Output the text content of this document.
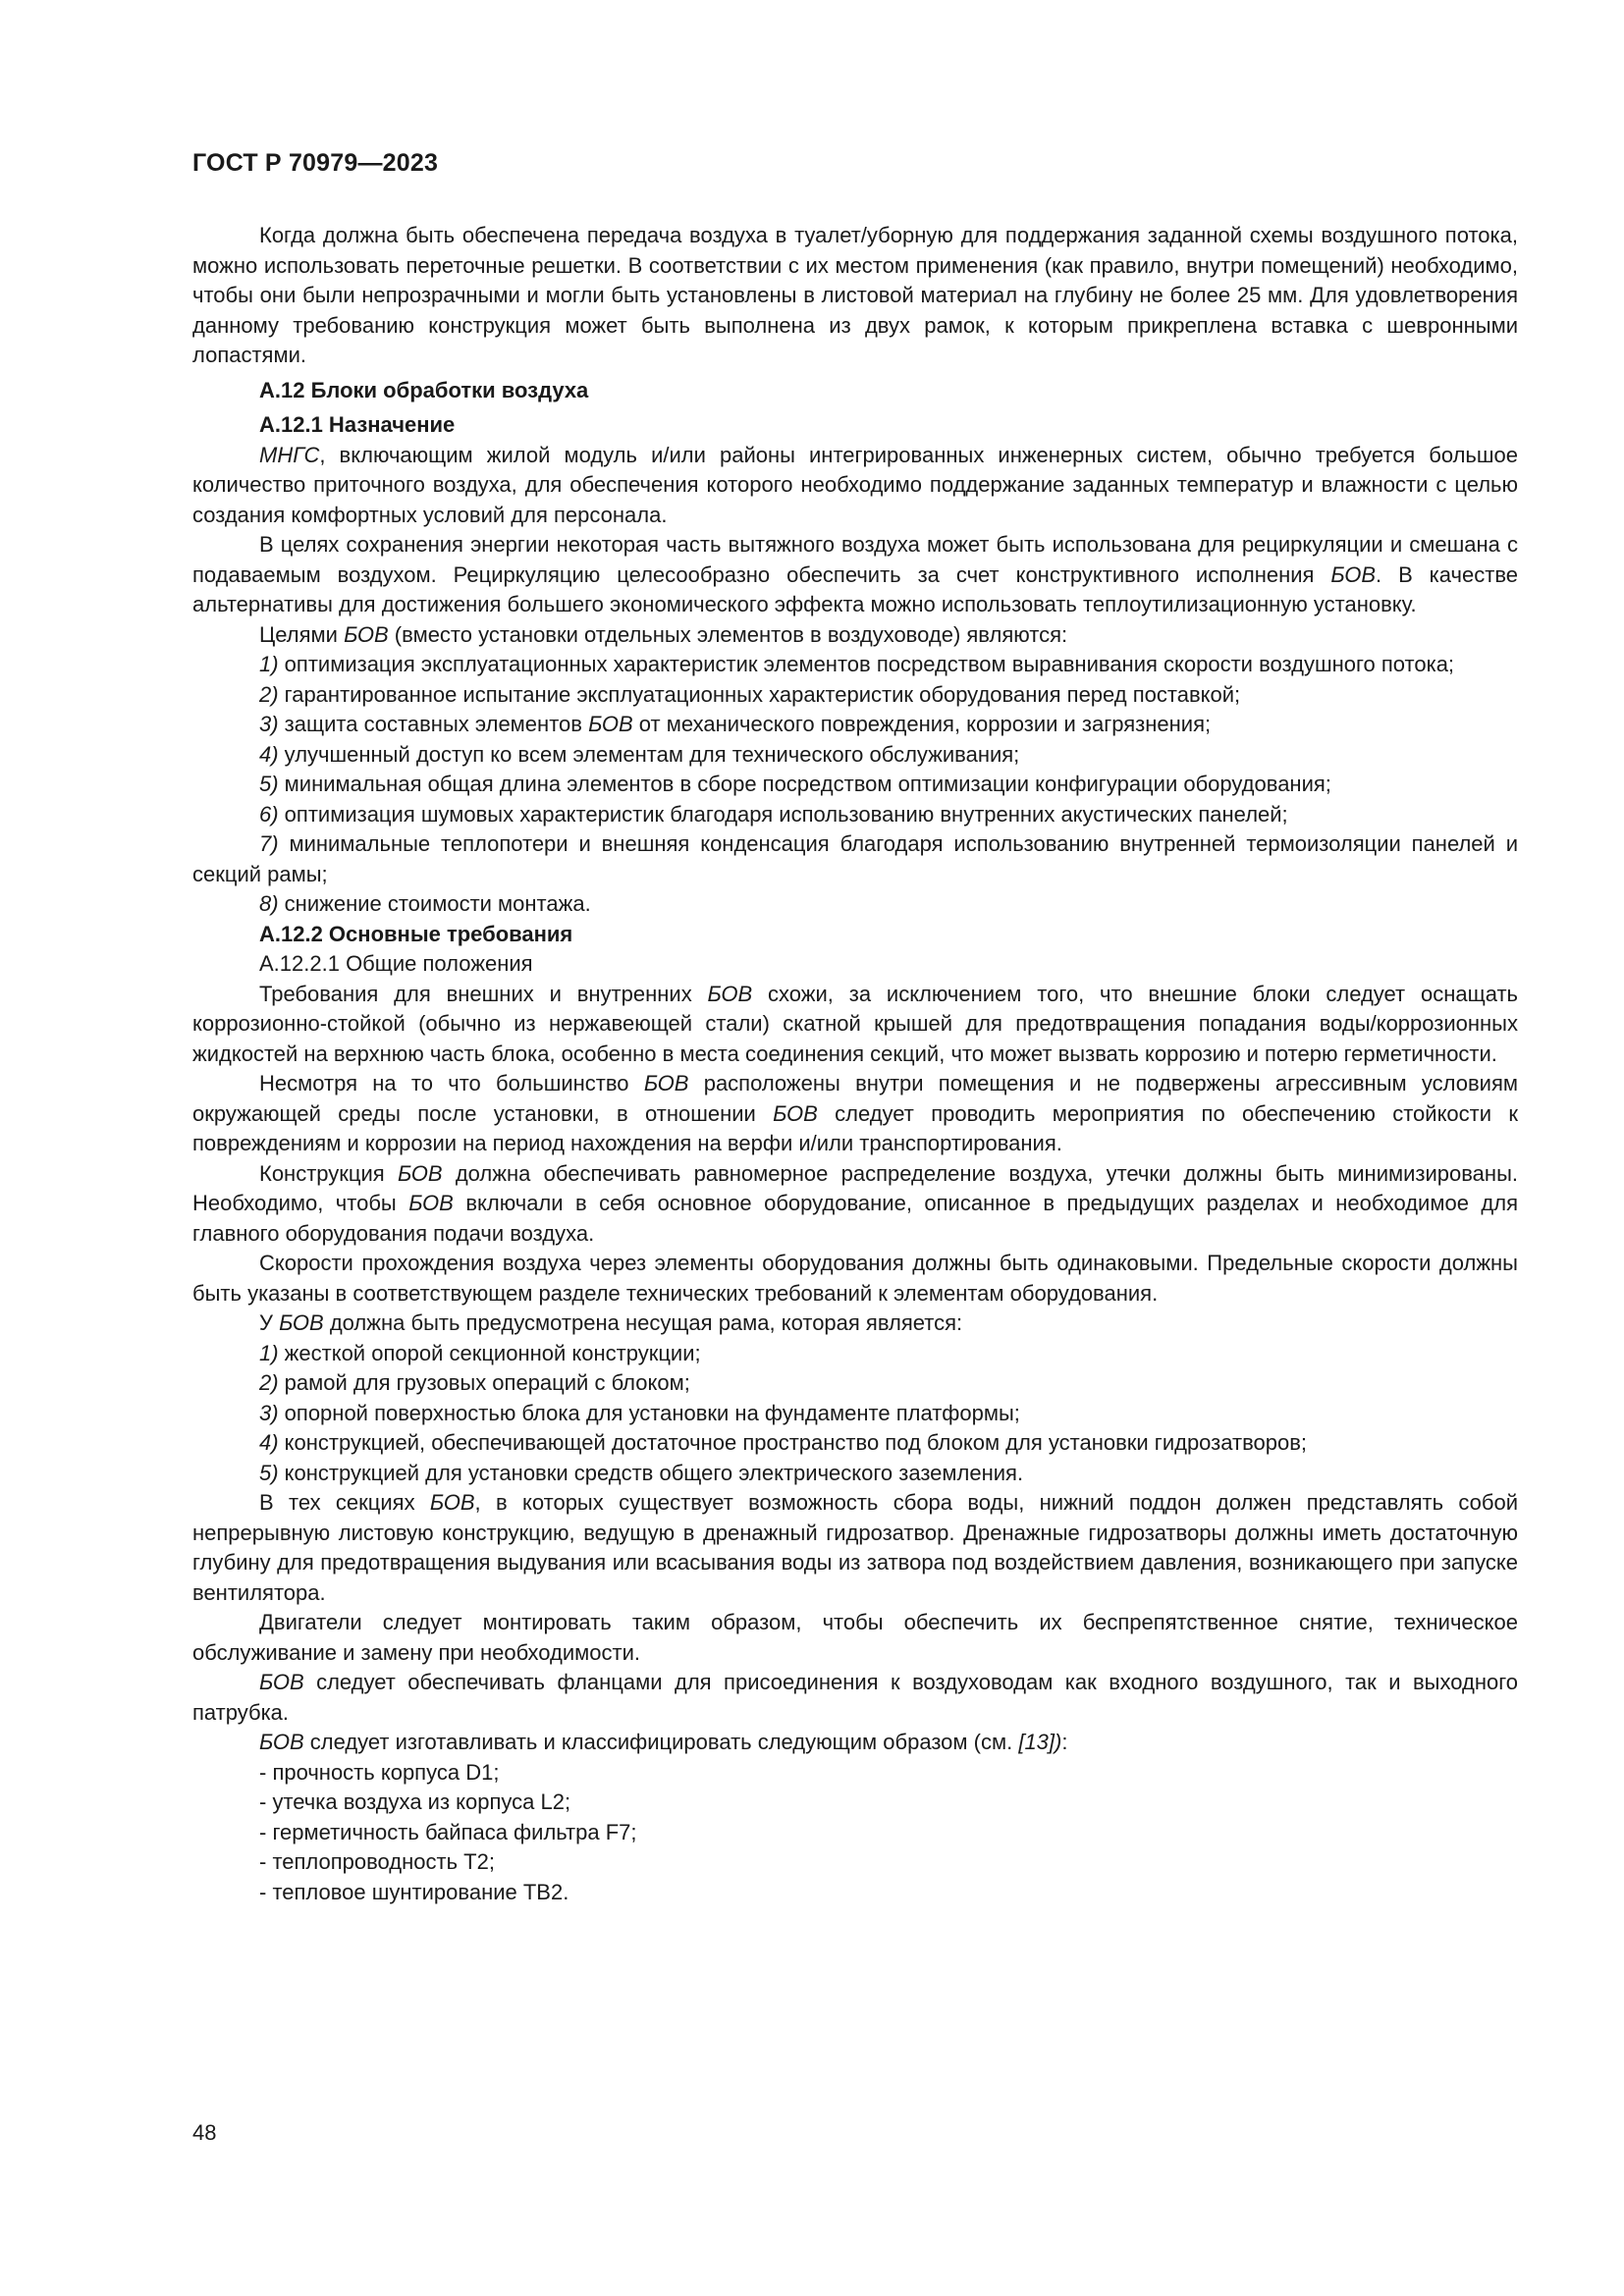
ГОСТ Р 70979—2023

Когда должна быть обеспечена передача воздуха в туалет/уборную для поддержания заданной схемы воздушного потока, можно использовать переточные решетки. В соответствии с их местом применения (как правило, внутри помещений) необходимо, чтобы они были непрозрачными и могли быть установлены в листовой материал на глубину не более 25 мм. Для удовлетворения данному требованию конструкция может быть выполнена из двух рамок, к которым прикреплена вставка с шевронными лопастями.

А.12 Блоки обработки воздуха

А.12.1 Назначение

МНГС, включающим жилой модуль и/или районы интегрированных инженерных систем, обычно требуется большое количество приточного воздуха, для обеспечения которого необходимо поддержание заданных температур и влажности с целью создания комфортных условий для персонала.

В целях сохранения энергии некоторая часть вытяжного воздуха может быть использована для рециркуляции и смешана с подаваемым воздухом. Рециркуляцию целесообразно обеспечить за счет конструктивного исполнения БОВ. В качестве альтернативы для достижения большего экономического эффекта можно использовать теплоутилизационную установку.

Целями БОВ (вместо установки отдельных элементов в воздуховоде) являются:

1) оптимизация эксплуатационных характеристик элементов посредством выравнивания скорости воздушного потока;

2) гарантированное испытание эксплуатационных характеристик оборудования перед поставкой;

3) защита составных элементов БОВ от механического повреждения, коррозии и загрязнения;

4) улучшенный доступ ко всем элементам для технического обслуживания;

5) минимальная общая длина элементов в сборе посредством оптимизации конфигурации оборудования;

6) оптимизация шумовых характеристик благодаря использованию внутренних акустических панелей;

7) минимальные теплопотери и внешняя конденсация благодаря использованию внутренней термоизоляции панелей и секций рамы;

8) снижение стоимости монтажа.

А.12.2 Основные требования

А.12.2.1 Общие положения

Требования для внешних и внутренних БОВ схожи, за исключением того, что внешние блоки следует оснащать коррозионно-стойкой (обычно из нержавеющей стали) скатной крышей для предотвращения попадания воды/коррозионных жидкостей на верхнюю часть блока, особенно в места соединения секций, что может вызвать коррозию и потерю герметичности.

Несмотря на то что большинство БОВ расположены внутри помещения и не подвержены агрессивным условиям окружающей среды после установки, в отношении БОВ следует проводить мероприятия по обеспечению стойкости к повреждениям и коррозии на период нахождения на верфи и/или транспортирования.

Конструкция БОВ должна обеспечивать равномерное распределение воздуха, утечки должны быть минимизированы. Необходимо, чтобы БОВ включали в себя основное оборудование, описанное в предыдущих разделах и необходимое для главного оборудования подачи воздуха.

Скорости прохождения воздуха через элементы оборудования должны быть одинаковыми. Предельные скорости должны быть указаны в соответствующем разделе технических требований к элементам оборудования.

У БОВ должна быть предусмотрена несущая рама, которая является:

1) жесткой опорой секционной конструкции;

2) рамой для грузовых операций с блоком;

3) опорной поверхностью блока для установки на фундаменте платформы;

4) конструкцией, обеспечивающей достаточное пространство под блоком для установки гидрозатворов;

5) конструкцией для установки средств общего электрического заземления.

В тех секциях БОВ, в которых существует возможность сбора воды, нижний поддон должен представлять собой непрерывную листовую конструкцию, ведущую в дренажный гидрозатвор. Дренажные гидрозатворы должны иметь достаточную глубину для предотвращения выдувания или всасывания воды из затвора под воздействием давления, возникающего при запуске вентилятора.

Двигатели следует монтировать таким образом, чтобы обеспечить их беспрепятственное снятие, техническое обслуживание и замену при необходимости.

БОВ следует обеспечивать фланцами для присоединения к воздуховодам как входного воздушного, так и выходного патрубка.

БОВ следует изготавливать и классифицировать следующим образом (см. [13]):

- прочность корпуса D1;

- утечка воздуха из корпуса L2;

- герметичность байпаса фильтра F7;

- теплопроводность T2;

- тепловое шунтирование TB2.

48
